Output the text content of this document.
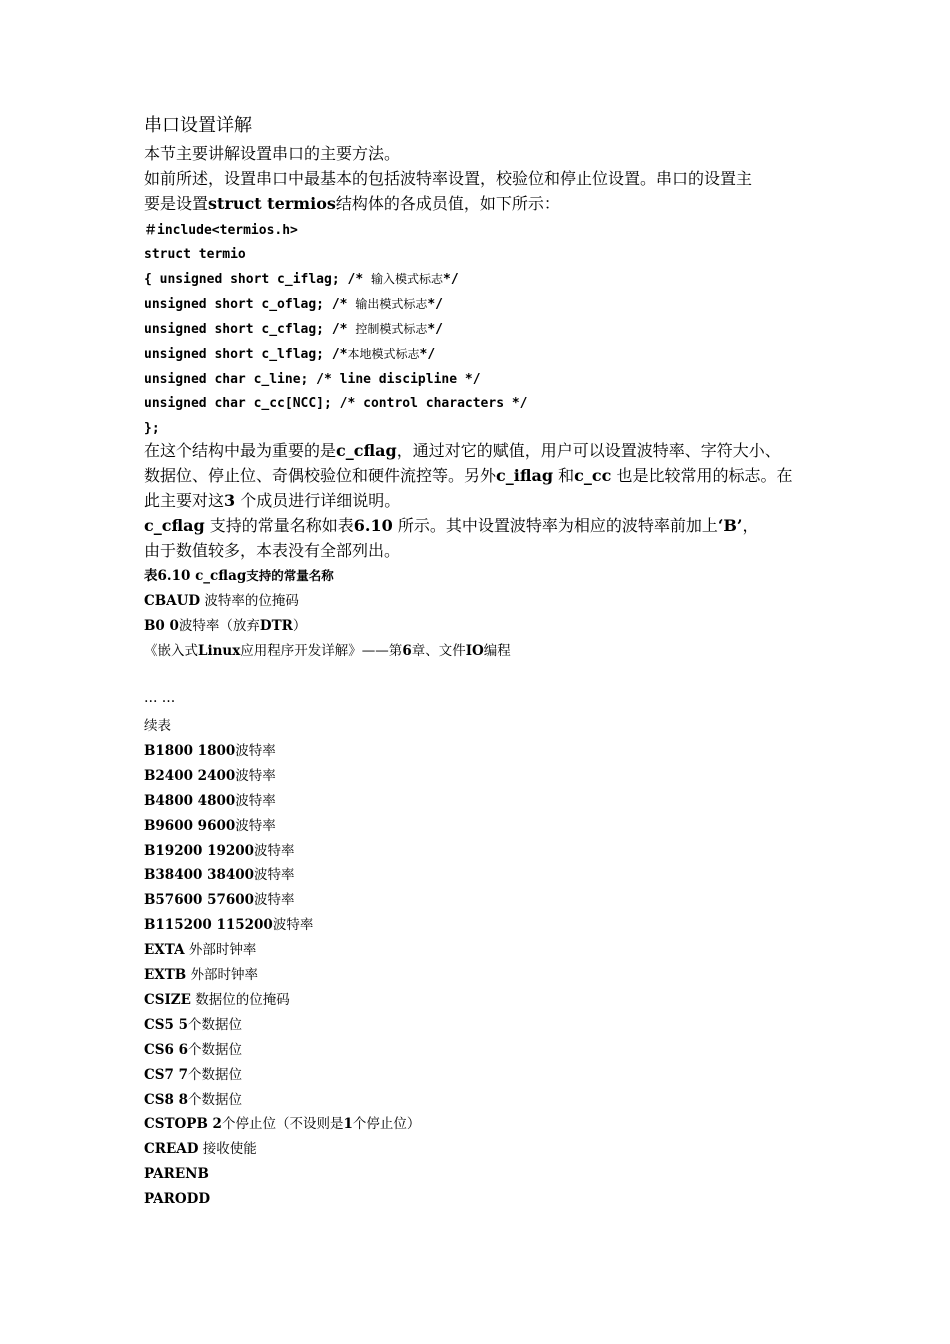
串口设置详解
本节主要讲解设置串口的主要方法。
如前所述，设置串口中最基本的包括波特率设置，校验位和停止位设置。串口的设置主
要是设置struct termios结构体的各成员值，如下所示：
＃include<termios.h>
struct termio
{ unsigned short c_iflag; /* 输入模式标志*/
unsigned short c_oflag; /* 输出模式标志*/
unsigned short c_cflag; /* 控制模式标志*/
unsigned short c_lflag; /*本地模式标志*/
unsigned char c_line; /* line discipline */
unsigned char c_cc[NCC]; /* control characters */
};
在这个结构中最为重要的是c_cflag，通过对它的赋值，用户可以设置波特率、字符大小、
数据位、停止位、奇偶校验位和硬件流控等。另外c_iflag 和c_cc 也是比较常用的标志。在
此主要对这3 个成员进行详细说明。
c_cflag 支持的常量名称如表6.10 所示。其中设置波特率为相应的波特率前加上‘B’，
由于数值较多，本表没有全部列出。
表6.10 c_cflag支持的常量名称
CBAUD 波特率的位掩码
B0 0波特率（放弃DTR）
《嵌入式Linux应用程序开发详解》——第6章、文件IO编程
… …
续表
B1800 1800波特率
B2400 2400波特率
B4800 4800波特率
B9600 9600波特率
B19200 19200波特率
B38400 38400波特率
B57600 57600波特率
B115200 115200波特率
EXTA 外部时钟率
EXTB 外部时钟率
CSIZE 数据位的位掩码
CS5 5个数据位
CS6 6个数据位
CS7 7个数据位
CS8 8个数据位
CSTOPB 2个停止位（不设则是1个停止位）
CREAD 接收使能
PARENB
PARODD
